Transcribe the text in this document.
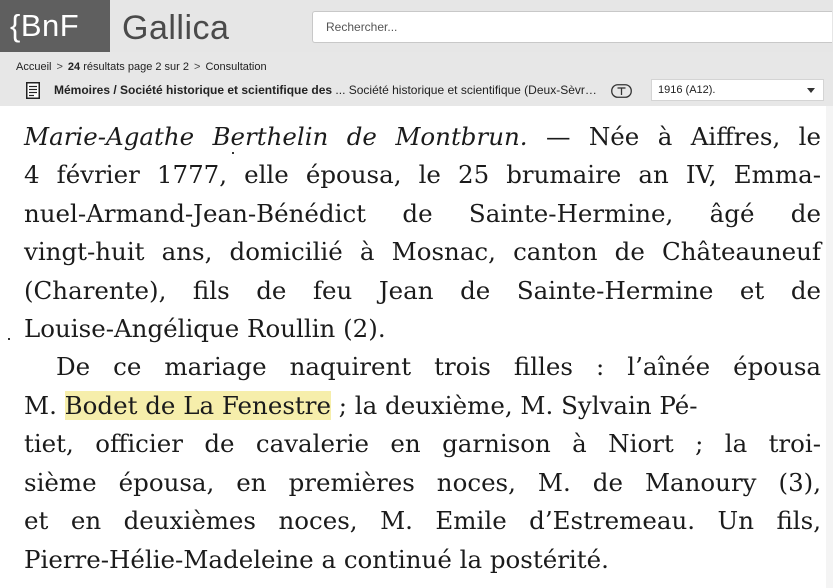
{BnF	Gallica
Rechercher...
Accueil > 24 résultats page 2 sur 2 > Consultation
Mémoires / Société historique et scientifique des ... Société historique et scientifique (Deux-Sèvr…	1916 (A12).
Marie-Agathe Berthelin de Montbrun. — Née à Aiffres, le
4 février 1777, elle épousa, le 25 brumaire an IV, Emma-
nuel-Armand-Jean-Bénédict de Sainte-Hermine, âgé de
vingt-huit ans, domicilié à Mosnac, canton de Châteauneuf
(Charente), fils de feu Jean de Sainte-Hermine et de
Louise-Angélique Roullin (2).
De ce mariage naquirent trois filles : l’aînée épousa
M. Bodet de La Fenestre ; la deuxième, M. Sylvain Pé-
tiet, officier de cavalerie en garnison à Niort ; la troi-
sième épousa, en premières noces, M. de Manoury (3),
et en deuxièmes noces, M. Emile d’Estremeau. Un fils,
Pierre-Hélie-Madeleine a continué la postérité.
